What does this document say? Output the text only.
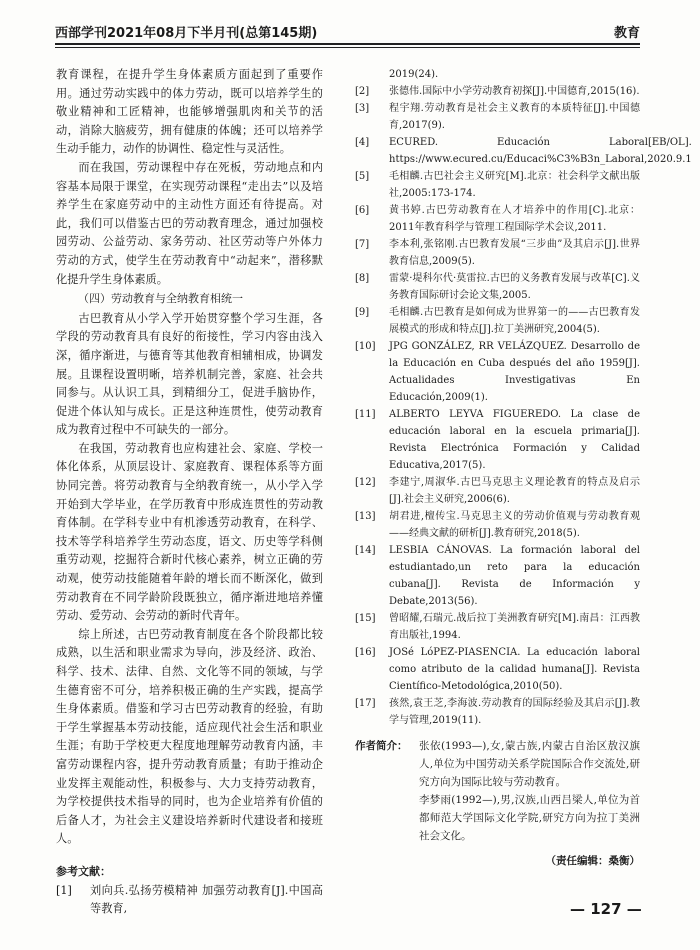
西部学刊2021年08月下半月刊(总第145期)	教育

教育课程，在提升学生身体素质方面起到了重要作用。通过劳动实践中的体力劳动，既可以培养学生的敬业精神和工匠精神，也能够增强肌肉和关节的活动，消除大脑疲劳，拥有健康的体魄；还可以培养学生动手能力，动作的协调性、稳定性与灵活性。

而在我国，劳动课程中存在死板，劳动地点和内容基本局限于课堂，在实现劳动课程“走出去”以及培养学生在家庭劳动中的主动性方面还有待提高。对此，我们可以借鉴古巴的劳动教育理念，通过加强校园劳动、公益劳动、家务劳动、社区劳动等户外体力劳动的方式，使学生在劳动教育中“动起来”，潜移默化提升学生身体素质。

（四）劳动教育与全纳教育相统一

古巴教育从小学入学开始贯穿整个学习生涯，各学段的劳动教育具有良好的衔接性，学习内容由浅入深，循序渐进，与德育等其他教育相辅相成，协调发展。且课程设置明晰，培养机制完善，家庭、社会共同参与。从认识工具，到精细分工，促进手脑协作，促进个体认知与成长。正是这种连贯性，使劳动教育成为教育过程中不可缺失的一部分。

在我国，劳动教育也应构建社会、家庭、学校一体化体系，从顶层设计、家庭教育、课程体系等方面协同完善。将劳动教育与全纳教育统一，从小学入学开始到大学毕业，在学历教育中形成连贯性的劳动教育体制。在学科专业中有机渗透劳动教育，在科学、技术等学科培养学生劳动态度，语文、历史等学科侧重劳动观，挖掘符合新时代核心素养，树立正确的劳动观，使劳动技能随着年龄的增长而不断深化，做到劳动教育在不同学龄阶段既独立，循序渐进地培养懂劳动、爱劳动、会劳动的新时代青年。

综上所述，古巴劳动教育制度在各个阶段都比较成熟，以生活和职业需求为导向，涉及经济、政治、科学、技术、法律、自然、文化等不同的领域，与学生德育密不可分，培养积极正确的生产实践，提高学生身体素质。借鉴和学习古巴劳动教育的经验，有助于学生掌握基本劳动技能，适应现代社会生活和职业生涯；有助于学校更大程度地理解劳动教育内涵，丰富劳动课程内容，提升劳动教育质量；有助于推动企业发挥主观能动性，积极参与、大力支持劳动教育，为学校提供技术指导的同时，也为企业培养有价值的后备人才，为社会主义建设培养新时代建设者和接班人。

参考文献：
[1]	刘向兵.弘扬劳模精神 加强劳动教育[J].中国高等教育,
2019(24).
[2]	张德伟.国际中小学劳动教育初探[J].中国德育,2015(16).
[3]	程宇翔.劳动教育是社会主义教育的本质特征[J].中国德育,2017(9).
[4]	ECURED. Educación Laboral[EB/OL]. https://www.ecured.cu/Educaci%C3%B3n_Laboral,2020.9.1
[5]	毛相麟.古巴社会主义研究[M].北京：社会科学文献出版社,2005:173-174.
[6]	黄书婷.古巴劳动教育在人才培养中的作用[C].北京：2011年教育科学与管理工程国际学术会议,2011.
[7]	李本利,张铭刚.古巴教育发展“三步曲”及其启示[J].世界教育信息,2009(5).
[8]	雷蒙·堤科尔代·莫雷拉.古巴的义务教育发展与改革[C].义务教育国际研讨会论文集,2005.
[9]	毛相麟.古巴教育是如何成为世界第一的——古巴教育发展模式的形成和特点[J].拉丁美洲研究,2004(5).
[10]	JPG GONZÁLEZ, RR VELÁZQUEZ. Desarrollo de la Educación en Cuba después del año 1959[J]. Actualidades Investigativas En Educación,2009(1).
[11]	ALBERTO LEYVA FIGUEREDO. La clase de educación laboral en la escuela primaria[J]. Revista Electrónica Formación y Calidad Educativa,2017(5).
[12]	李建宁,周淑华.古巴马克思主义理论教育的特点及启示[J].社会主义研究,2006(6).
[13]	胡君进,檀传宝.马克思主义的劳动价值观与劳动教育观——经典文献的研析[J].教育研究,2018(5).
[14]	LESBIA CÁNOVAS. La formación laboral del estudiantado,un reto para la educación cubana[J]. Revista de Información y Debate,2013(56).
[15]	曾昭耀,石瑞元.战后拉丁美洲教育研究[M].南昌：江西教育出版社,1994.
[16]	JOSé LóPEZ-PIASENCIA. La educación laboral como atributo de la calidad humana[J]. Revista Científico-Metodológica,2010(50).
[17]	孩然,袁王芝,李海波.劳动教育的国际经验及其启示[J].教学与管理,2019(11).
作者简介：	张依(1993—),女,蒙古族,内蒙古自治区敖汉旗人,单位为中国劳动关系学院国际合作交流处,研究方向为国际比较与劳动教育。

李梦雨(1992—),男,汉族,山西吕梁人,单位为首都师范大学国际文化学院,研究方向为拉丁美洲社会文化。

（责任编辑：桑衡）
— 127 —
